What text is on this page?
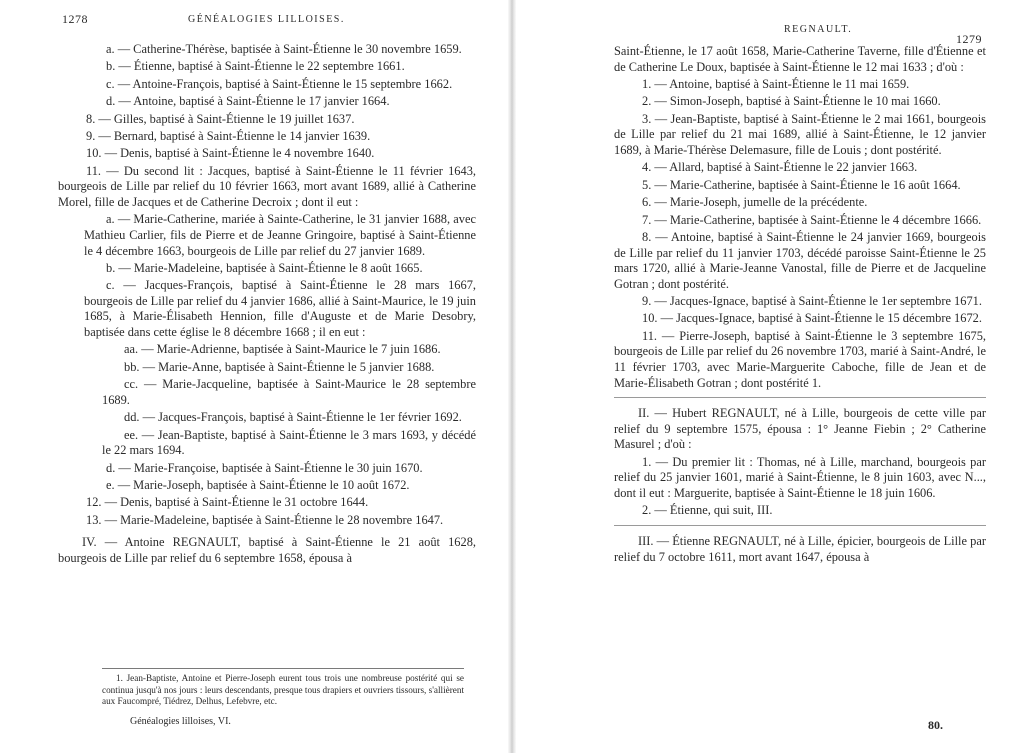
1278	GÉNÉALOGIES LILLOISES.

a. — Catherine-Thérèse, baptisée à Saint-Étienne le 30 novembre 1659.

b. — Étienne, baptisé à Saint-Étienne le 22 septembre 1661.

c. — Antoine-François, baptisé à Saint-Étienne le 15 septembre 1662.

d. — Antoine, baptisé à Saint-Étienne le 17 janvier 1664.

8. — Gilles, baptisé à Saint-Étienne le 19 juillet 1637.

9. — Bernard, baptisé à Saint-Étienne le 14 janvier 1639.

10. — Denis, baptisé à Saint-Étienne le 4 novembre 1640.

11. — Du second lit : Jacques, baptisé à Saint-Étienne le 11 février 1643, bourgeois de Lille par relief du 10 février 1663, mort avant 1689, allié à Catherine Morel, fille de Jacques et de Catherine Decroix ; dont il eut :

a. — Marie-Catherine, mariée à Sainte-Catherine, le 31 janvier 1688, avec Mathieu Carlier, fils de Pierre et de Jeanne Gringoire, baptisé à Saint-Étienne le 4 décembre 1663, bourgeois de Lille par relief du 27 janvier 1689.

b. — Marie-Madeleine, baptisée à Saint-Étienne le 8 août 1665.

c. — Jacques-François, baptisé à Saint-Étienne le 28 mars 1667, bourgeois de Lille par relief du 4 janvier 1686, allié à Saint-Maurice, le 19 juin 1685, à Marie-Élisabeth Hennion, fille d'Auguste et de Marie Desobry, baptisée dans cette église le 8 décembre 1668 ; il en eut :

aa. — Marie-Adrienne, baptisée à Saint-Maurice le 7 juin 1686.

bb. — Marie-Anne, baptisée à Saint-Étienne le 5 janvier 1688.

cc. — Marie-Jacqueline, baptisée à Saint-Maurice le 28 septembre 1689.

dd. — Jacques-François, baptisé à Saint-Étienne le 1er février 1692.

ee. — Jean-Baptiste, baptisé à Saint-Étienne le 3 mars 1693, y décédé le 22 mars 1694.

d. — Marie-Françoise, baptisée à Saint-Étienne le 30 juin 1670.

e. — Marie-Joseph, baptisée à Saint-Étienne le 10 août 1672.

12. — Denis, baptisé à Saint-Étienne le 31 octobre 1644.

13. — Marie-Madeleine, baptisée à Saint-Étienne le 28 novembre 1647.

IV. — Antoine REGNAULT, baptisé à Saint-Étienne le 21 août 1628, bourgeois de Lille par relief du 6 septembre 1658, épousa à

REGNAULT.
1279

Saint-Étienne, le 17 août 1658, Marie-Catherine Taverne, fille d'Étienne et de Catherine Le Doux, baptisée à Saint-Étienne le 12 mai 1633 ; d'où :

1. — Antoine, baptisé à Saint-Étienne le 11 mai 1659.

2. — Simon-Joseph, baptisé à Saint-Étienne le 10 mai 1660.

3. — Jean-Baptiste, baptisé à Saint-Étienne le 2 mai 1661, bourgeois de Lille par relief du 21 mai 1689, allié à Saint-Étienne, le 12 janvier 1689, à Marie-Thérèse Delemasure, fille de Louis ; dont postérité.

4. — Allard, baptisé à Saint-Étienne le 22 janvier 1663.

5. — Marie-Catherine, baptisée à Saint-Étienne le 16 août 1664.

6. — Marie-Joseph, jumelle de la précédente.

7. — Marie-Catherine, baptisée à Saint-Étienne le 4 décembre 1666.

8. — Antoine, baptisé à Saint-Étienne le 24 janvier 1669, bourgeois de Lille par relief du 11 janvier 1703, décédé paroisse Saint-Étienne le 25 mars 1720, allié à Marie-Jeanne Vanostal, fille de Pierre et de Jacqueline Gotran ; dont postérité.

9. — Jacques-Ignace, baptisé à Saint-Étienne le 1er septembre 1671.

10. — Jacques-Ignace, baptisé à Saint-Étienne le 15 décembre 1672.

11. — Pierre-Joseph, baptisé à Saint-Étienne le 3 septembre 1675, bourgeois de Lille par relief du 26 novembre 1703, marié à Saint-André, le 11 février 1703, avec Marie-Marguerite Caboche, fille de Jean et de Marie-Élisabeth Gotran ; dont postérité 1.

II. — Hubert REGNAULT, né à Lille, bourgeois de cette ville par relief du 9 septembre 1575, épousa : 1° Jeanne Fiebin ; 2° Catherine Masurel ; d'où :

1. — Du premier lit : Thomas, né à Lille, marchand, bourgeois par relief du 25 janvier 1601, marié à Saint-Étienne, le 8 juin 1603, avec N..., dont il eut : Marguerite, baptisée à Saint-Étienne le 18 juin 1606.

2. — Étienne, qui suit, III.

III. — Étienne REGNAULT, né à Lille, épicier, bourgeois de Lille par relief du 7 octobre 1611, mort avant 1647, épousa à

1. Jean-Baptiste, Antoine et Pierre-Joseph eurent tous trois une nombreuse postérité qui se continua jusqu'à nos jours : leurs descendants, presque tous drapiers et ouvriers tissours, s'allièrent aux Faucompré, Tiédrez, Delhus, Lefebvre, etc.

Généalogies lilloises, VI.	80.
